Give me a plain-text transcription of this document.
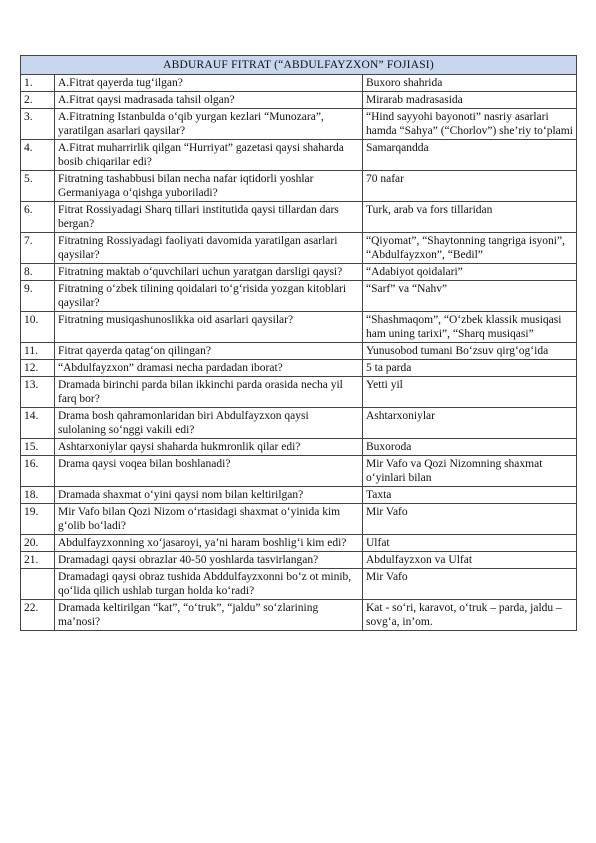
ABDURAUF FITRAT (“ABDULFAYZXON” FOJIASI)		
1.	A.Fitrat qayerda tug‘ilgan?	Buxoro shahrida
2.	A.Fitrat qaysi madrasada tahsil olgan?	Mirarab madrasasida
3.	A.Fitratning Istanbulda o‘qib yurgan kezlari “Munozara”, yaratilgan asarlari qaysilar?	“Hind sayyohi bayonoti” nasriy asarlari hamda “Sahya” (“Chorlov”) she’riy to‘plami
4.	A.Fitrat muharrirlik qilgan “Hurriyat” gazetasi qaysi shaharda bosib chiqarilar edi?	Samarqandda
5.	Fitratning tashabbusi bilan necha nafar iqtidorli yoshlar Germaniyaga o‘qishga yuboriladi?	70 nafar
6.	Fitrat Rossiyadagi Sharq tillari institutida qaysi tillardan dars bergan?	Turk, arab va fors tillaridan
7.	Fitratning Rossiyadagi faoliyati davomida yaratilgan asarlari qaysilar?	“Qiyomat”, “Shaytonning tangriga isyoni”, “Abdulfayzxon”, “Bedil”
8.	Fitratning maktab o‘quvchilari uchun yaratgan darsligi qaysi?	“Adabiyot qoidalari”
9.	Fitratning o‘zbek tilining qoidalari to‘g‘risida yozgan kitoblari qaysilar?	“Sarf” va “Nahv”
10.	Fitratning musiqashunoslikka oid asarlari qaysilar?	“Shashmaqom”, “O‘zbek klassik musiqasi ham uning tarixi”, “Sharq musiqasi”
11.	Fitrat qayerda qatag‘on qilingan?	Yunusobod tumani Bo‘zsuv qirg‘og‘ida
12.	“Abdulfayzxon” dramasi necha pardadan iborat?	5 ta parda
13.	Dramada birinchi parda bilan ikkinchi parda orasida necha yil farq bor?	Yetti yil
14.	Drama bosh qahramonlaridan biri Abdulfayzxon qaysi sulolaning so‘nggi vakili edi?	Ashtarxoniylar
15.	Ashtarxoniylar qaysi shaharda hukmronlik qilar edi?	Buxoroda
16.	Drama qaysi voqea bilan boshlanadi?	Mir Vafo va Qozi Nizomning shaxmat o‘yinlari bilan
18.	Dramada shaxmat o‘yini qaysi nom bilan keltirilgan?	Taxta
19.	Mir Vafo bilan Qozi Nizom o‘rtasidagi shaxmat o‘yinida kim g‘olib bo‘ladi?	Mir Vafo
20.	Abdulfayzxonning xo‘jasaroyi, ya’ni haram boshlig‘i kim edi?	Ulfat
21.	Dramadagi qaysi obrazlar 40-50 yoshlarda tasvirlangan?	Abdulfayzxon va Ulfat
	Dramadagi qaysi obraz tushida Abddulfayzxonni bo‘z ot minib, qo‘lida qilich ushlab turgan holda ko‘radi?	Mir Vafo
22.	Dramada keltirilgan “kat”, “o‘truk”, “jaldu” so‘zlarining ma’nosi?	Kat - so‘ri, karavot, o‘truk – parda, jaldu – sovg‘a, in’om.
